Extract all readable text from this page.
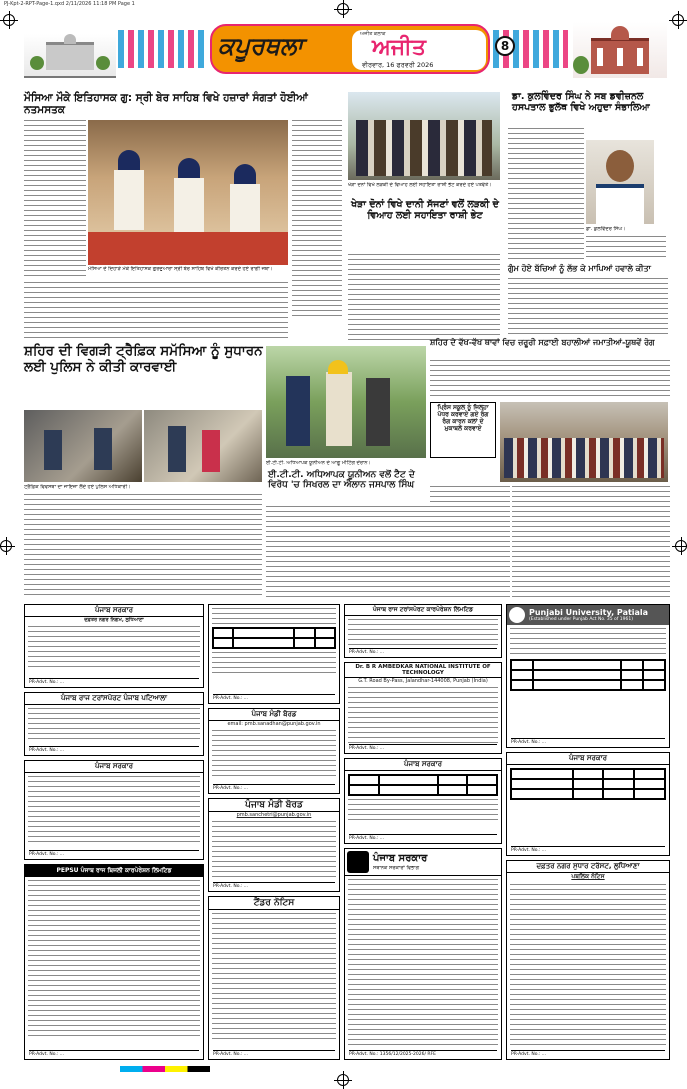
PJ-Kpt-2-RPT-Page-1.qxd 2/11/2026 11:18 PM Page 1
ਕਪੂਰਥਲਾ	ਅਜੀਤ ਕਲਾਕ
ਅਜੀਤ
ਵੀਰਵਾਰ, 16 ਫਰਵਰੀ 2026
8
ਮੌਸਿਆ ਮੌਕੇ ਇਤਿਹਾਸਕ ਗੁ: ਸ੍ਰੀ ਬੇਰ ਸਾਹਿਬ ਵਿਖੇ ਹਜ਼ਾਰਾਂ ਸੰਗਤਾਂ ਹੋਈਆਂ ਨਤਮਸਤਕ
ਮੌਸਿਆ ਦੇ ਦਿਹਾੜੇ ਮੌਕੇ ਇਤਿਹਾਸਕ ਗੁਰਦੁਆਰਾ ਸ੍ਰੀ ਬੇਰ ਸਾਹਿਬ ਵਿਖੇ ਕੀਰਤਨ ਕਰਦੇ ਹੋਏ ਰਾਗੀ ਜਥਾ।
ਖੇੜਾ ਦੋਨਾਂ ਵਿਖੇ ਲੜਕੀ ਦੇ ਵਿਆਹ ਲਈ ਸਹਾਇਤਾ ਰਾਸ਼ੀ ਭੇਟ ਕਰਦੇ ਹੋਏ ਪਤਵੰਤੇ।
ਖੇੜਾ ਦੋਨਾਂ ਵਿਖੇ ਦਾਨੀ ਸੱਜਣਾਂ ਵਲੋਂ ਲੜਕੀ ਦੇ ਵਿਆਹ ਲਈ ਸਹਾਇਤਾ ਰਾਸ਼ੀ ਭੇਟ
ਡਾ. ਕੁਲਵਿੰਦਰ ਸਿੰਘ ਨੇ ਸਬ ਡਵੀਜ਼ਨਲ ਹਸਪਤਾਲ ਭੁਲੱਥ ਵਿਖੇ ਅਹੁਦਾ ਸੰਭਾਲਿਆ
ਡਾ. ਕੁਲਵਿੰਦਰ ਸਿੰਘ।
ਗੁੰਮ ਹੋਏ ਬੱਚਿਆਂ ਨੂੰ ਲੱਭ ਕੇ ਮਾਪਿਆਂ ਹਵਾਲੇ ਕੀਤਾ
ਸ਼ਹਿਰ ਦੇ ਵੱਖ-ਵੱਖ ਥਾਵਾਂ ਵਿਚ ਜ਼ਰੂਰੀ ਸਫ਼ਾਈ ਬਹਾਲੀਆਂ ਜਮਾਤੀਆਂ-ਯੂਥਵੇਂ ਰੋਗ
ਸ਼ਹਿਰ ਦੀ ਵਿਗੜੀ ਟ੍ਰੈਫ਼ਿਕ ਸਮੱਸਿਆ ਨੂੰ ਸੁਧਾਰਨ ਲਈ ਪੁਲਿਸ ਨੇ ਕੀਤੀ ਕਾਰਵਾਈ
ਟ੍ਰੈਫ਼ਿਕ ਵਿਵਸਥਾ ਦਾ ਜਾਇਜ਼ਾ ਲੈਂਦੇ ਹੋਏ ਪੁਲਿਸ ਅਧਿਕਾਰੀ।
ਈ.ਟੀ.ਟੀ. ਅਧਿਆਪਕ ਯੂਨੀਅਨ ਦੇ ਆਗੂ ਮੀਟਿੰਗ ਦੌਰਾਨ।
ਈ.ਟੀ.ਟੀ. ਅਧਿਆਪਕ ਯੂਨੀਅਨ ਵਲੋਂ ਟੈਟ ਦੇ ਵਿਰੋਧ 'ਚ ਸਿਖਰਲ ਦਾ ਐਲਾਨ ਜਸਪਾਲ ਸਿੰਘ
ਪ੍ਰਿੰਸ ਸਕੂਲ ਨੂੰ ਜਿਲ੍ਹਾ ਪੱਧਰ ਕਰਵਾਏ ਗਏ ਰੰਗ ਰੰਗ ਕਾਰਨ ਕਲਾਂ ਦੇ ਮੁਕਾਬਲੇ ਕਰਵਾਏ
ਪੰਜਾਬ ਸਰਕਾਰ
ਦਫ਼ਤਰ ਨਗਰ ਨਿਗਮ, ਲੁਧਿਆਣਾ
PR-Advt. No.: ...
ਪੰਜਾਬ ਰਾਜ ਟਰਾਂਸਪੋਰਟ ਪੰਜਾਬ ਪਟਿਆਲਾ
PR-Advt. No.: ...
ਪੰਜਾਬ ਸਰਕਾਰ
PR-Advt. No.: ...
PEPSU ਪੰਜਾਬ ਰਾਜ ਬਿਜਲੀ ਕਾਰਪੋਰੇਸ਼ਨ ਲਿਮਟਿਡ
PR-Advt. No.: ...
PR-Advt. No.: ...
ਪੰਜਾਬ ਮੰਡੀ ਬੋਰਡ
email: pmb.sanadhan@punjab.gov.in
PR-Advt. No.: ...
ਪੰਜਾਬ ਮੰਡੀ ਬੋਰਡ
pmb.sanchetri@punjab.gov.in
PR-Advt. No.: ...
ਟੈਂਡਰ ਨੋਟਿਸ
PR-Advt. No.: ...
ਪੰਜਾਬ ਰਾਜ ਟਰਾਂਸਪੋਰਟ ਕਾਰਪੋਰੇਸ਼ਨ ਲਿਮਟਿਡ
PR-Advt. No.: ...
Dr. B R AMBEDKAR NATIONAL INSTITUTE OF TECHNOLOGY
G.T. Road By-Pass, Jalandhar-144008, Punjab (India)
PR-Advt. No.: ...
ਪੰਜਾਬ ਸਰਕਾਰ
PR-Advt. No.: ...
ਪੰਜਾਬ ਸਰਕਾਰ
ਸਥਾਨਕ ਸਰਕਾਰਾਂ ਵਿਭਾਗ
PR-Advt. No.: 1356/12/2025-2026/ RFE
Punjabi University, Patiala
(Established under Punjab Act No. 35 of 1961)
PR-Advt. No.: ...
ਪੰਜਾਬ ਸਰਕਾਰ
PR-Advt. No.: ...
ਦਫ਼ਤਰ ਨਗਰ ਸੁਧਾਰ ਟਰੱਸਟ, ਲੁਧਿਆਣਾ
ਪਬਲਿਕ ਨੋਟਿਸ
PR-Advt. No.: ...
